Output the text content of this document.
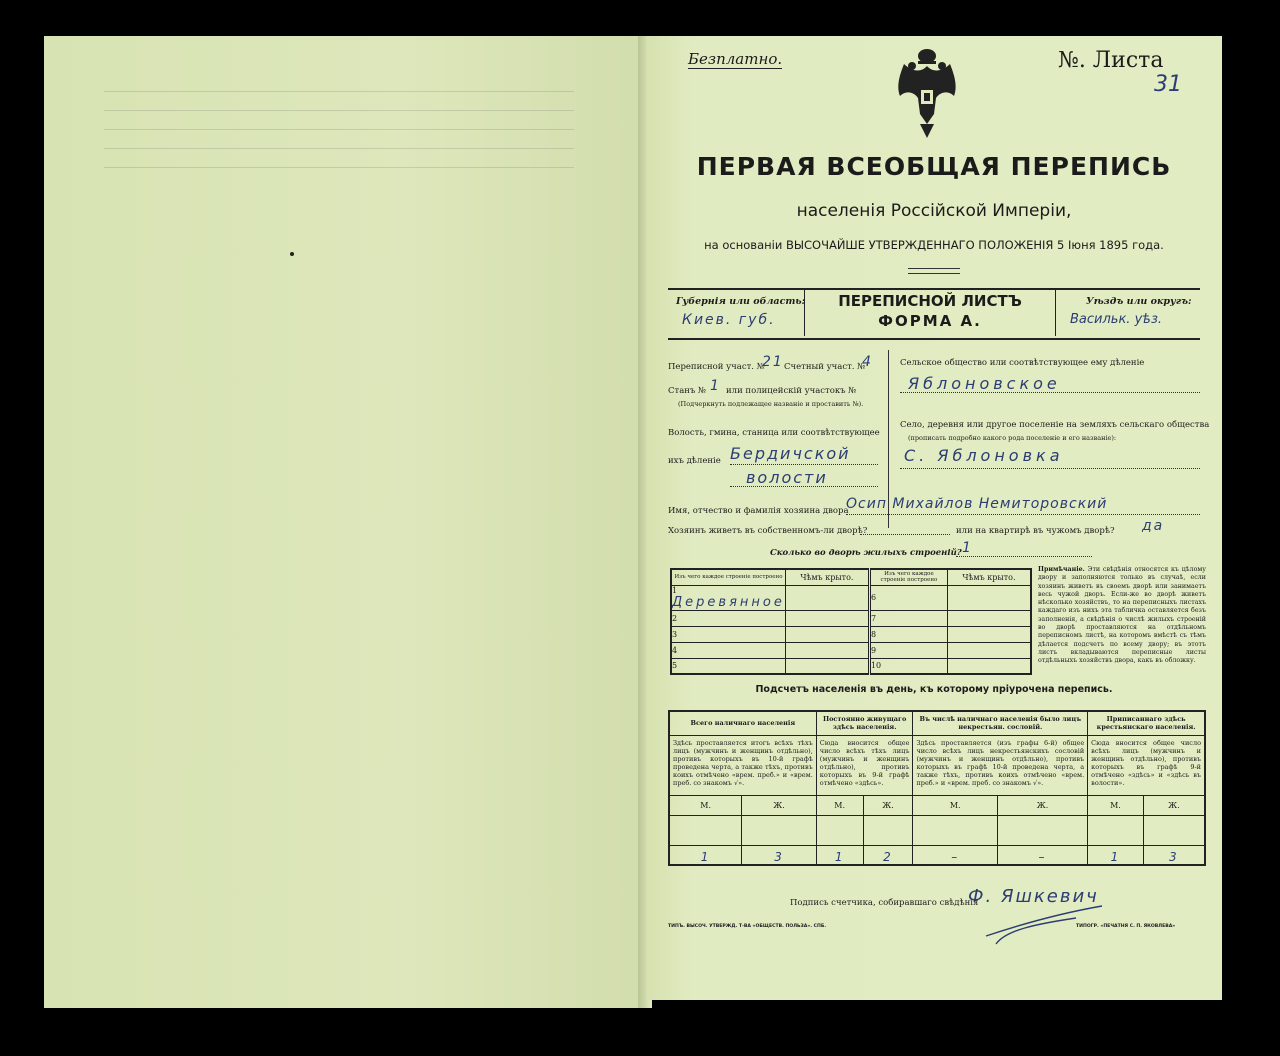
Безплатно.	№. Листа
31
ПЕРВАЯ ВСЕОБЩАЯ ПЕРЕПИСЬ
населенія Россійской Имперіи,
на основаніи ВЫСОЧАЙШЕ УТВЕРЖДЕННАГО ПОЛОЖЕНІЯ 5 Іюня 1895 года.
Губернія или область:
Киев. губ.
ПЕРЕПИСНОЙ ЛИСТЪ
ФОРМА А.
Уѣздъ или округъ:
Васильк. уѣз.
Переписной участ. №
21 Счетный участ. №
4
Станъ № 1 или полицейскій участокъ №
(Подчеркнуть подлежащее названіе и проставить №).
Волость, гмина, станица или соотвѣтствующее
ихъ дѣленіе Бердичской
волости
Сельское общество или соотвѣтствующее ему дѣленіе
Яблоновское
Село, деревня или другое поселеніе на земляхъ сельскаго общества
(прописать подробно какого рода поселеніе и его названіе):
С. Яблоновка
Имя, отчество и фамилія хозяина двора
Осип Михайлов Немиторовский
Хозяинъ живетъ въ собственномъ-ли дворѣ?	или на квартирѣ въ чужомъ дворѣ? да
Сколько во дворѣ жилыхъ строеній? 1
Изъ чего каждое строеніе построено	Чѣмъ крыто.	Изъ чего каждое строеніе построено	Чѣмъ крыто.
1 Деревянное		6	
2		7	
3		8	
4		9	
5		10	
Примѣчаніе. Эти свѣдѣнія относятся къ цѣлому двору и заполняются только въ случаѣ, если хозяинъ живетъ въ своемъ дворѣ или занимаетъ весь чужой дворъ. Если-же во дворѣ живетъ нѣсколько хозяйствъ, то на переписныхъ листахъ каждаго изъ нихъ эта табличка оставляется безъ заполненія, а свѣдѣнія о числѣ жилыхъ строеній во дворѣ проставляются на отдѣльномъ переписномъ листѣ, на которомъ вмѣстѣ съ тѣмъ дѣлается подсчетъ по всему двору; въ этотъ листъ вкладываются переписные листы отдѣльныхъ хозяйствъ двора, какъ въ обложку.
Подсчетъ населенія въ день, къ которому пріурочена перепись.
Всего наличнаго населенія		Постоянно живущаго здѣсь населенія.		Въ числѣ наличнаго населенія было лицъ некрестьян. сословій.		Приписаннаго здѣсь крестьянскаго населенія.	
Здѣсь проставляется итогъ всѣхъ тѣхъ лицъ (мужчинъ и женщинъ отдѣльно), противъ которыхъ въ 10-й графѣ проведена черта, а также тѣхъ, противъ коихъ отмѣчено «врем. преб.» и «врем. преб. со знакомъ √».		Сюда вносится общее число всѣхъ тѣхъ лицъ (мужчинъ и женщинъ отдѣльно), противъ которыхъ въ 9-й графѣ отмѣчено «здѣсь».		Здѣсь проставляется (изъ графы 6-й) общее число всѣхъ лицъ некрестьянскихъ сословій (мужчинъ и женщинъ отдѣльно), противъ которыхъ въ графѣ 10-й проведена черта, а также тѣхъ, противъ коихъ отмѣчено «врем. преб.» и «врем. преб. со знакомъ √».		Сюда вносится общее число всѣхъ лицъ (мужчинъ и женщинъ отдѣльно), противъ которыхъ въ графѣ 9-й отмѣчено «здѣсь» и «здѣсь въ волости».	
М.	Ж.	М.	Ж.	М.	Ж.	М.	Ж.

1	3	1	2	–	–	1	3
Подпись счетчика, собиравшаго свѣдѣнія
Ф. Яшкевич
ТИПЪ. ВЫСОЧ. УТВЕРЖД. Т-ВА «ОБЩЕСТВ. ПОЛЬЗА». СПБ.	ТИПОГР. «ПЕЧАТНЯ С. П. ЯКОВЛЕВА»
